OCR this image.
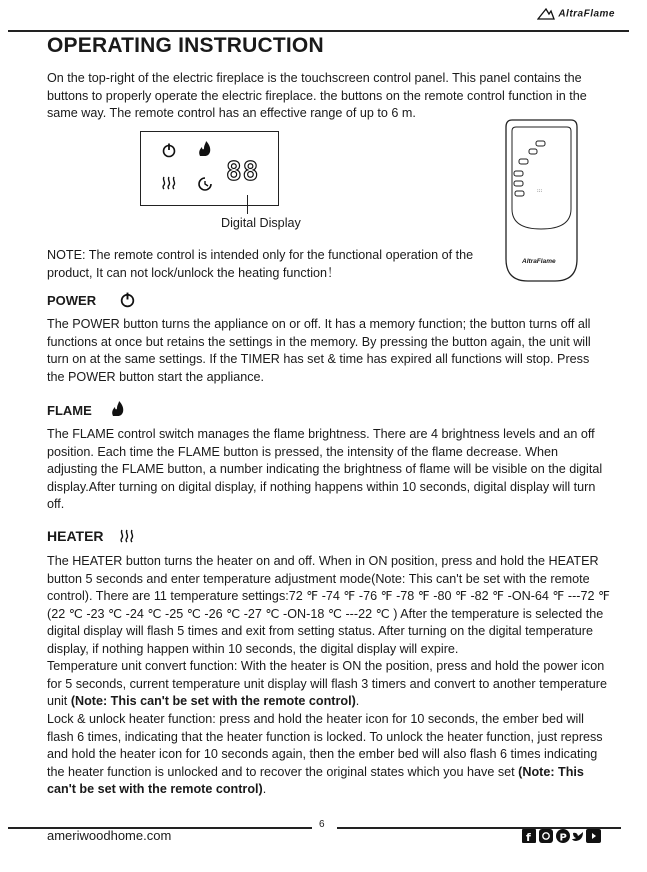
AltraFlame
OPERATING INSTRUCTION
On the top-right of the electric fireplace is the touchscreen control panel. This panel contains the buttons to properly operate the electric fireplace. the buttons on the remote control function in the same way. The remote control has an effective range of up to 6 m.
88
Digital Display
:::
AltraFlame
NOTE: The remote control is intended only for the functional operation of the product, It can not lock/unlock the heating function！
POWER
The POWER button turns the appliance on or off. It has a memory function; the button turns off all functions at once but retains the settings in the memory. By pressing the button again, the unit will turn on at the same settings. If the TIMER has set & time has expired all functions will stop. Press the POWER button start the appliance.
FLAME
The FLAME control switch manages the flame brightness. There are 4 brightness levels and an off position. Each time the FLAME button is pressed, the intensity of the flame decrease. When adjusting the FLAME button, a number indicating the brightness of flame will be visible on the digital display.After turning on digital display, if nothing happens within 10 seconds, digital display will turn off.
HEATER
The HEATER button turns the heater on and off. When in ON position, press and hold the HEATER button 5 seconds and enter temperature adjustment mode(Note: This can't be set with the remote control). There are 11 temperature settings:72 ℉ -74 ℉ -76 ℉ -78 ℉ -80 ℉ -82 ℉ -ON-64 ℉ ---72 ℉ (22 ℃ -23 ℃ -24 ℃ -25 ℃ -26 ℃ -27 ℃ -ON-18 ℃ ---22 ℃ ) After the temperature is selected the digital display will flash 5 times and exit from setting status. After turning on the digital temperature display, if nothing happen within 10 seconds, the digital display will expire.
Temperature unit convert function: With the heater is ON the position, press and hold the power icon for 5 seconds, current temperature unit display will flash 3 timers and convert to another temperature unit (Note: This can't be set with the remote control).
Lock & unlock heater function: press and hold the heater icon for 10 seconds, the ember bed will flash 6 times, indicating that the heater function is locked. To unlock the heater function, just repress and hold the heater icon for 10 seconds again, then the ember bed will also flash 6 times indicating the heater function is unlocked and to recover the original states which you have set (Note: This can't be set with the remote control).
6
ameriwoodhome.com	f	P
